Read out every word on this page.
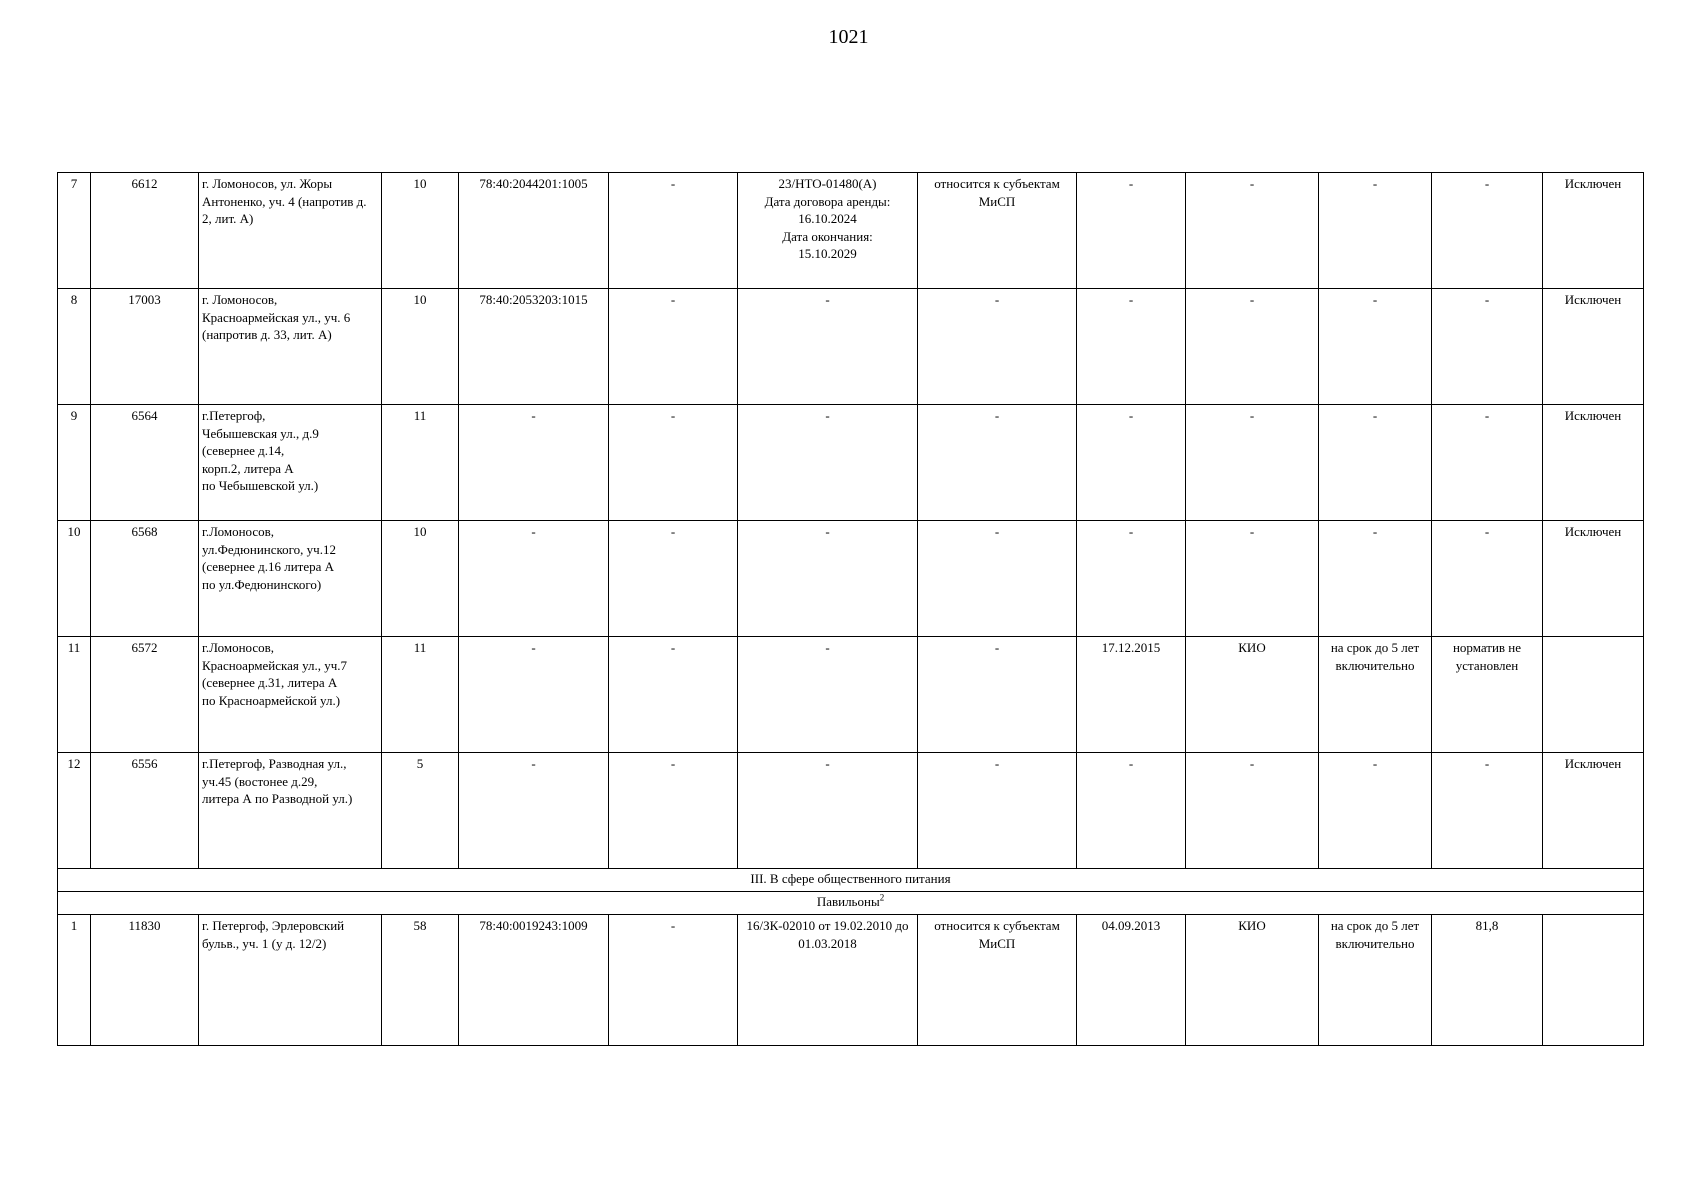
1021
7	6612	г. Ломоносов, ул. Жоры Антоненко, уч. 4 (напротив д. 2, лит. А)	10	78:40:2044201:1005	-	23/НТО-01480(А)
Дата договора аренды:
16.10.2024
Дата окончания:
15.10.2029	относится к субъектам МиСП	-	-	-	-	Исключен
8	17003	г. Ломоносов,
Красноармейская ул., уч. 6
(напротив д. 33, лит. А)	10	78:40:2053203:1015	-	-	-	-	-	-	-	Исключен
9	6564	г.Петергоф,
Чебышевская ул., д.9
(севернее д.14,
корп.2, литера А
по Чебышевской ул.)	11	-	-	-	-	-	-	-	-	Исключен
10	6568	г.Ломоносов,
ул.Федюнинского, уч.12
(севернее д.16 литера А
по ул.Федюнинского)	10	-	-	-	-	-	-	-	-	Исключен
11	6572	г.Ломоносов,
Красноармейская ул., уч.7
(севернее д.31, литера А
по Красноармейской ул.)	11	-	-	-	-	17.12.2015	КИО	на срок до 5 лет включительно	норматив не установлен	
12	6556	г.Петергоф, Разводная ул.,
уч.45 (востонее д.29,
литера А по Разводной ул.)	5	-	-	-	-	-	-	-	-	Исключен
III. В сфере общественного питания												
Павильоны$^2$
1	11830	г. Петергоф, Эрлеровский бульв., уч. 1 (у д. 12/2)	58	78:40:0019243:1009	-	16/ЗК-02010 от 19.02.2010 до 01.03.2018	относится к субъектам МиСП	04.09.2013	КИО	на срок до 5 лет включительно	81,8	
